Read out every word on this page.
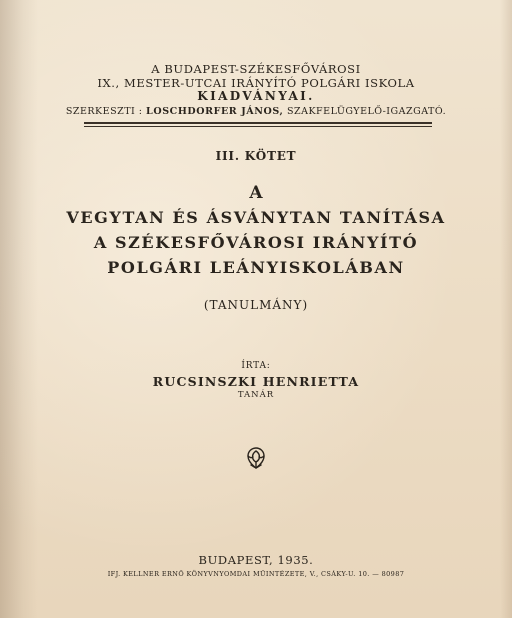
A BUDAPEST-SZÉKESFŐVÁROSI
IX., MESTER-UTCAI IRÁNYÍTÓ POLGÁRI ISKOLA
KIADVÁNYAI.
SZERKESZTI : LOSCHDORFER JÁNOS, SZAKFELÜGYELŐ-IGAZGATÓ.
III. KÖTET
A
VEGYTAN ÉS ÁSVÁNYTAN TANÍTÁSA
A SZÉKESFŐVÁROSI IRÁNYÍTÓ
POLGÁRI LEÁNYISKOLÁBAN
(TANULMÁNY)
ÍRTA:
RUCSINSZKI HENRIETTA
TANÁR
BUDAPEST, 1935.
IFJ. KELLNER ERNŐ KÖNYVNYOMDAI MŰINTÉZETE, V., CSÁKY-U. 10. — 80987
